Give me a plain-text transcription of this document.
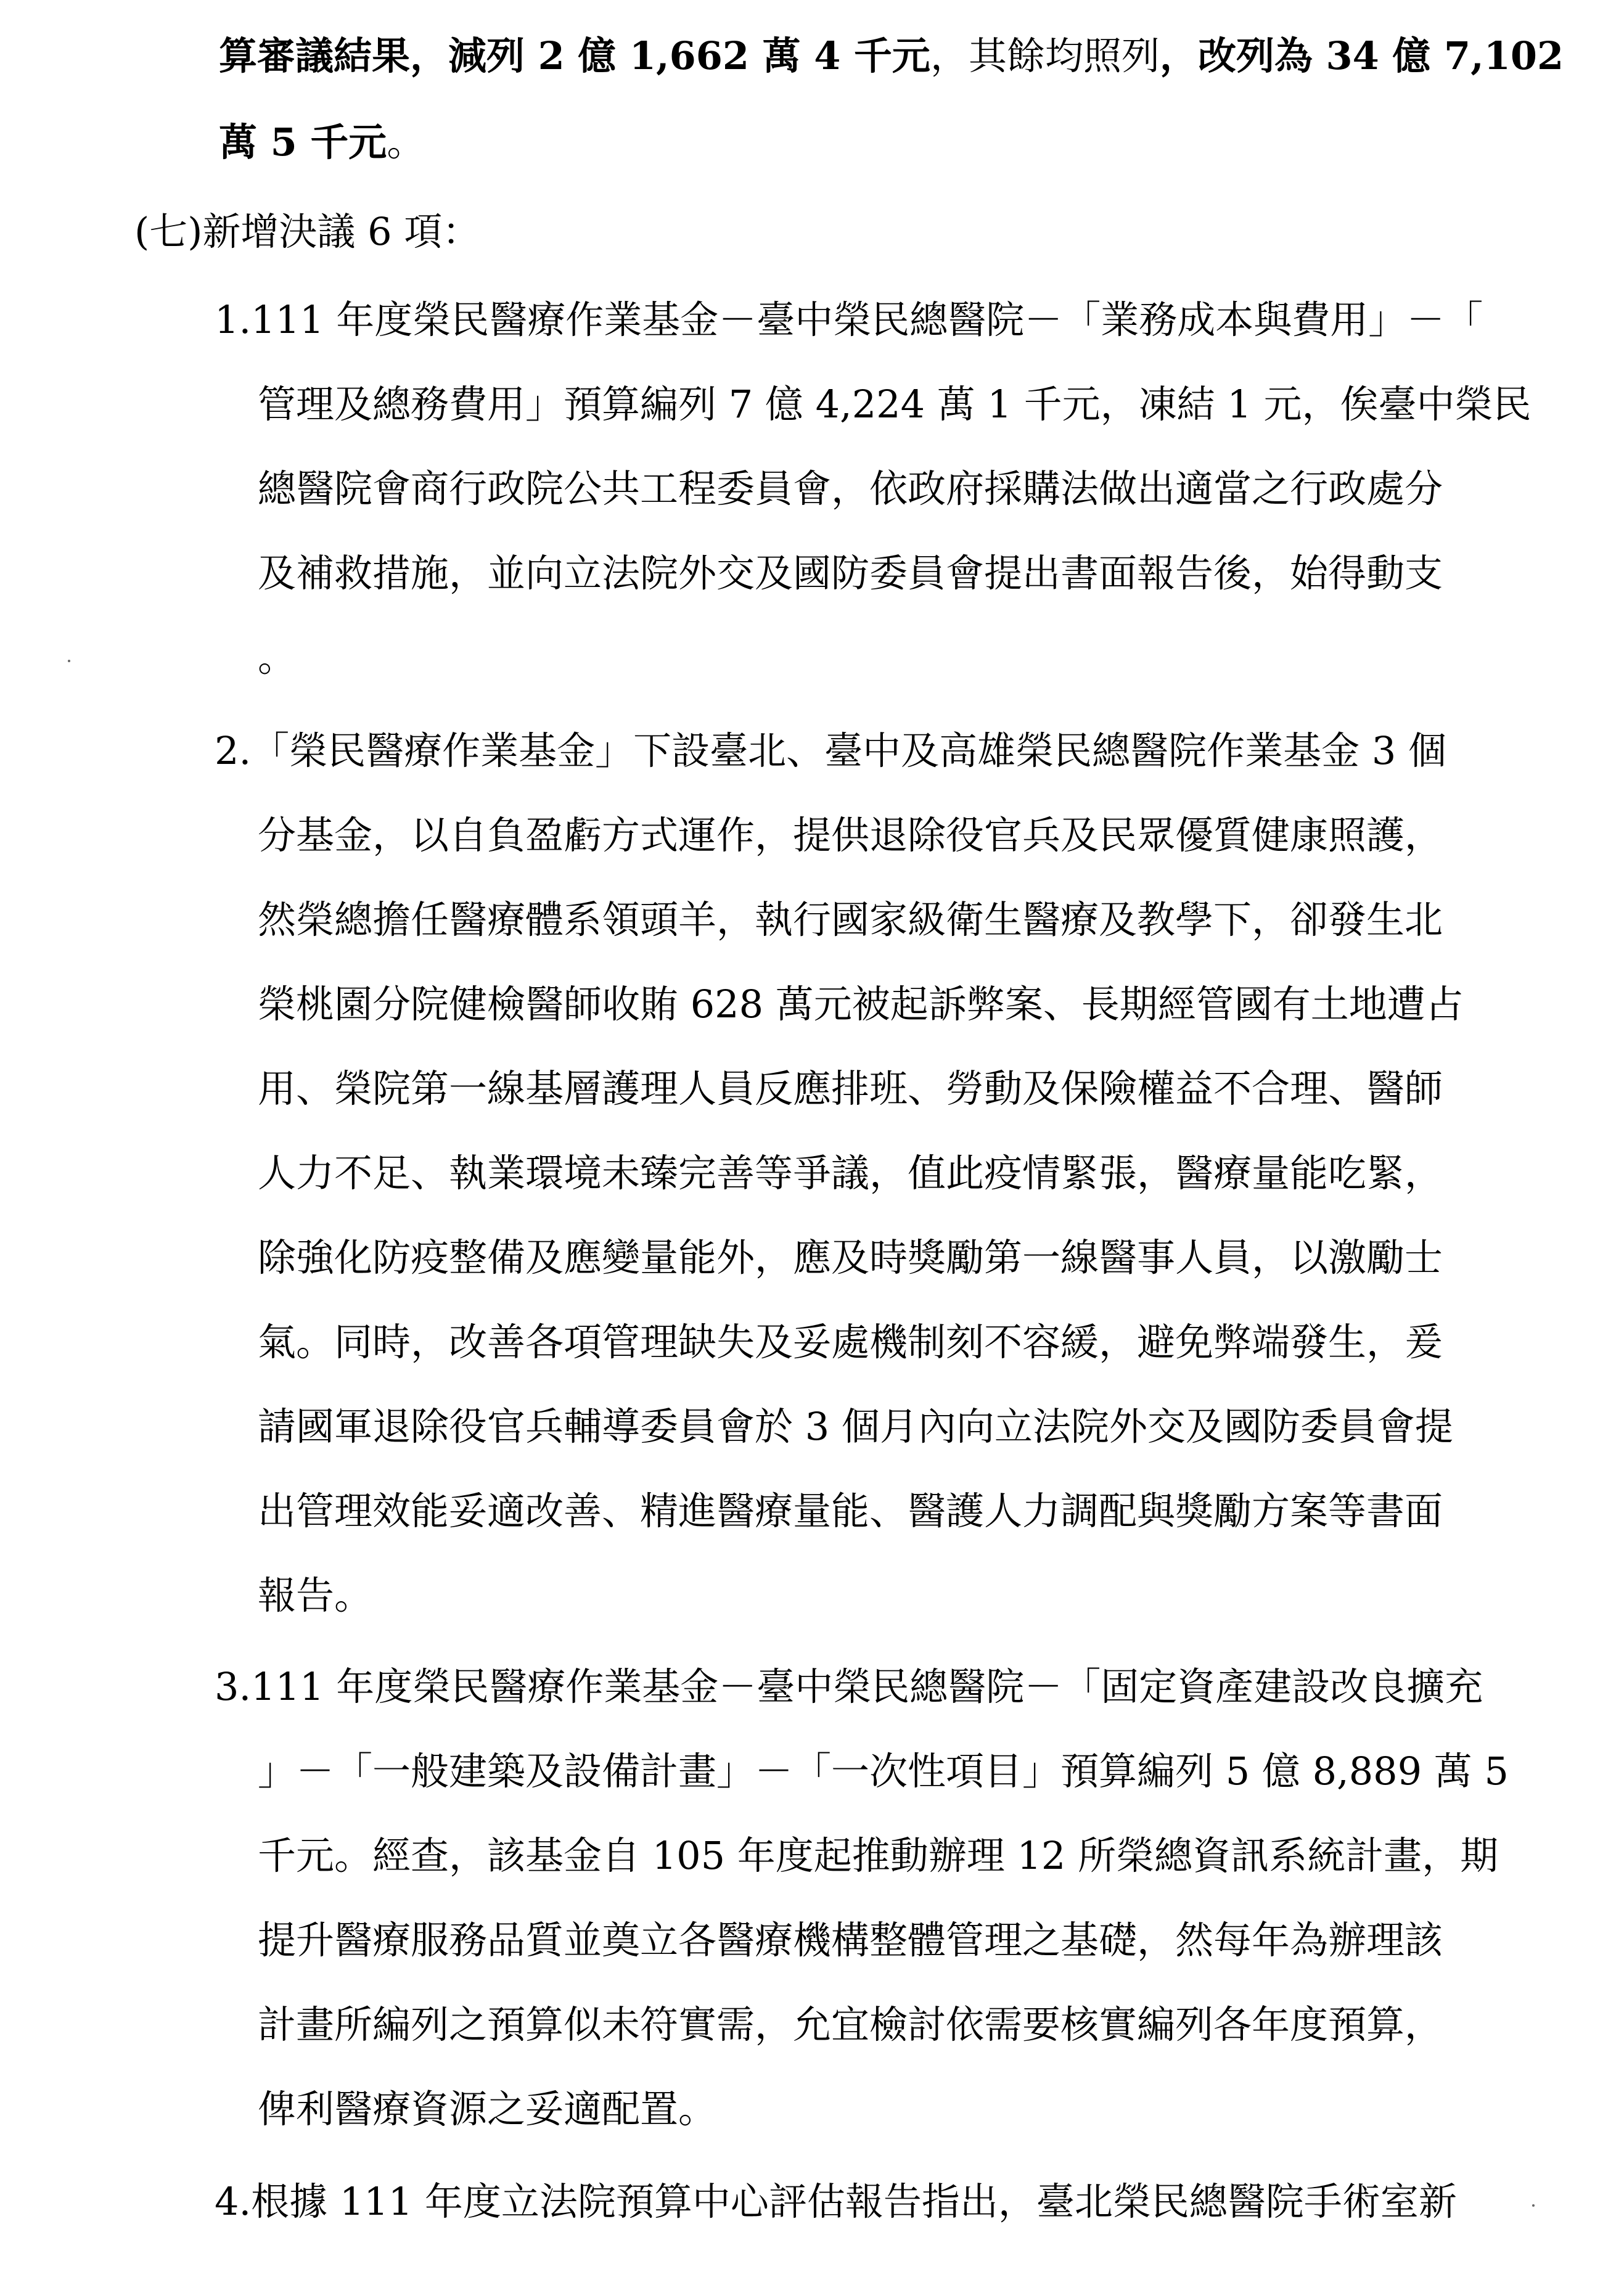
算審議結果，減列 2 億 1,662 萬 4 千元，其餘均照列，改列為 34 億 7,102
萬 5 千元。
(七)新增決議 6 項：
1.111 年度榮民醫療作業基金－臺中榮民總醫院－「業務成本與費用」－「
管理及總務費用」預算編列 7 億 4,224 萬 1 千元，凍結 1 元，俟臺中榮民
總醫院會商行政院公共工程委員會，依政府採購法做出適當之行政處分
及補救措施，並向立法院外交及國防委員會提出書面報告後，始得動支
。
2.「榮民醫療作業基金」下設臺北、臺中及高雄榮民總醫院作業基金 3 個
分基金，以自負盈虧方式運作，提供退除役官兵及民眾優質健康照護，
然榮總擔任醫療體系領頭羊，執行國家級衛生醫療及教學下，卻發生北
榮桃園分院健檢醫師收賄 628 萬元被起訴弊案、長期經管國有土地遭占
用、榮院第一線基層護理人員反應排班、勞動及保險權益不合理、醫師
人力不足、執業環境未臻完善等爭議，值此疫情緊張，醫療量能吃緊，
除強化防疫整備及應變量能外，應及時獎勵第一線醫事人員，以激勵士
氣。同時，改善各項管理缺失及妥處機制刻不容緩，避免弊端發生，爰
請國軍退除役官兵輔導委員會於 3 個月內向立法院外交及國防委員會提
出管理效能妥適改善、精進醫療量能、醫護人力調配與獎勵方案等書面
報告。
3.111 年度榮民醫療作業基金－臺中榮民總醫院－「固定資產建設改良擴充
」－「一般建築及設備計畫」－「一次性項目」預算編列 5 億 8,889 萬 5
千元。經查，該基金自 105 年度起推動辦理 12 所榮總資訊系統計畫，期
提升醫療服務品質並奠立各醫療機構整體管理之基礎，然每年為辦理該
計畫所編列之預算似未符實需，允宜檢討依需要核實編列各年度預算，
俾利醫療資源之妥適配置。
4.根據 111 年度立法院預算中心評估報告指出，臺北榮民總醫院手術室新
